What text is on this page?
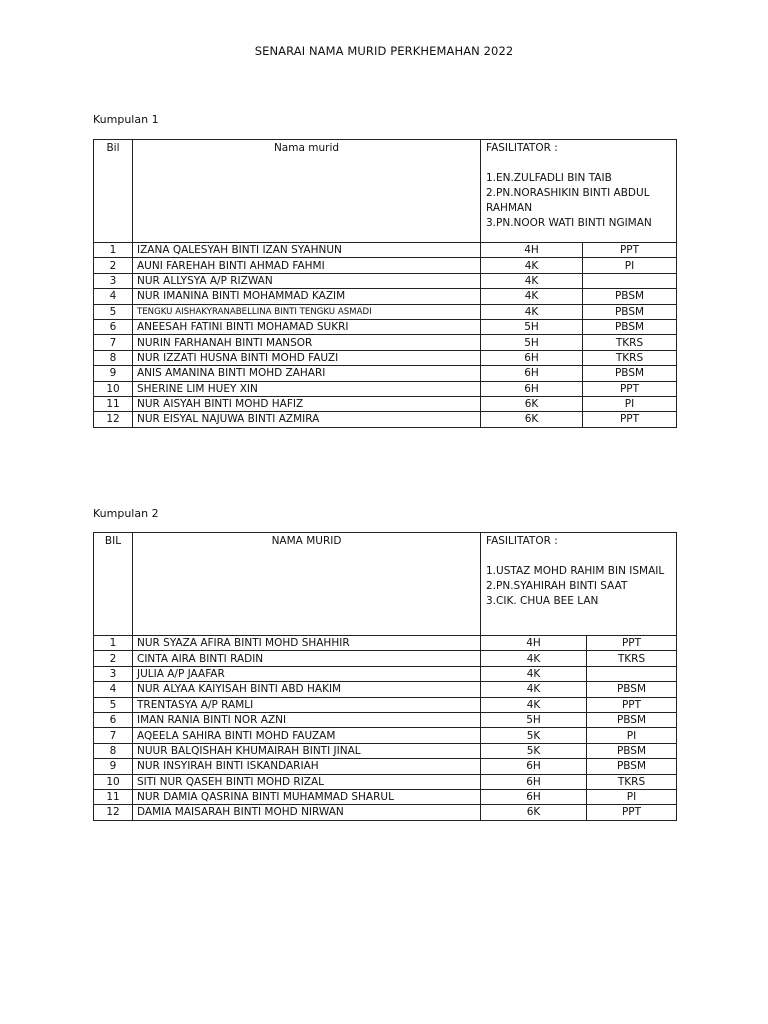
SENARAI NAMA MURID PERKHEMAHAN 2022
Kumpulan 1
Bil	Nama murid	FASILITATOR :
1.EN.ZULFADLI BIN TAIB
2.PN.NORASHIKIN BINTI ABDUL RAHMAN
3.PN.NOOR WATI BINTI NGIMAN	

1	IZANA QALESYAH BINTI IZAN SYAHNUN	4H	PPT
2	AUNI FAREHAH BINTI AHMAD FAHMI	4K	PI
3	NUR ALLYSYA A/P RIZWAN	4K	
4	NUR IMANINA BINTI MOHAMMAD KAZIM	4K	PBSM
5	TENGKU AISHAKYRANABELLINA BINTI TENGKU ASMADI	4K	PBSM
6	ANEESAH FATINI BINTI MOHAMAD SUKRI	5H	PBSM
7	NURIN FARHANAH BINTI MANSOR	5H	TKRS
8	NUR IZZATI HUSNA BINTI MOHD FAUZI	6H	TKRS
9	ANIS AMANINA BINTI MOHD ZAHARI	6H	PBSM
10	SHERINE LIM HUEY XIN	6H	PPT
11	NUR AISYAH BINTI MOHD HAFIZ	6K	PI
12	NUR EISYAL NAJUWA BINTI AZMIRA	6K	PPT
Kumpulan 2
BIL	NAMA MURID	FASILITATOR :
1.USTAZ MOHD RAHIM BIN ISMAIL
2.PN.SYAHIRAH BINTI SAAT
3.CIK. CHUA BEE LAN	

1	NUR SYAZA AFIRA BINTI MOHD SHAHHIR	4H	PPT
2	CINTA AIRA BINTI RADIN	4K	TKRS
3	JULIA A/P JAAFAR	4K	
4	NUR ALYAA KAIYISAH BINTI ABD HAKIM	4K	PBSM
5	TRENTASYA A/P RAMLI	4K	PPT
6	IMAN RANIA BINTI NOR AZNI	5H	PBSM
7	AQEELA SAHIRA BINTI MOHD FAUZAM	5K	PI
8	NUUR BALQISHAH KHUMAIRAH BINTI JINAL	5K	PBSM
9	NUR INSYIRAH BINTI ISKANDARIAH	6H	PBSM
10	SITI NUR QASEH BINTI MOHD RIZAL	6H	TKRS
11	NUR DAMIA QASRINA BINTI MUHAMMAD SHARUL	6H	PI
12	DAMIA MAISARAH BINTI MOHD NIRWAN	6K	PPT
